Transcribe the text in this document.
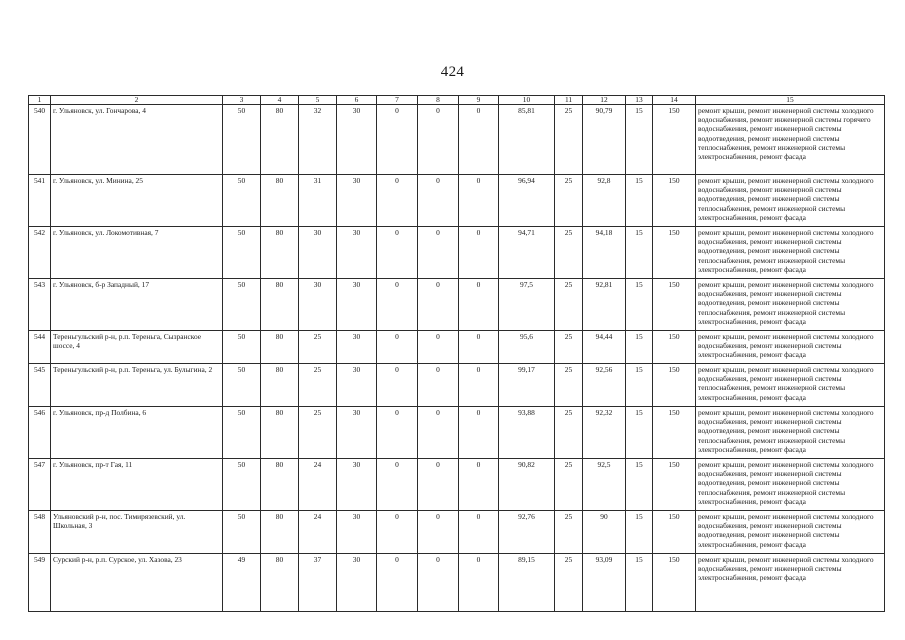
424
1	2	3	4	5	6	7	8	9	10	11	12	13	14	15
540	г. Ульяновск, ул. Гончарова, 4	50	80	32	30	0	0	0	85,81	25	90,79	15	150	ремонт крыши, ремонт инженерной системы холодного водоснабжения, ремонт инженерной системы горячего водоснабжения, ремонт инженерной системы водоотведения, ремонт инженерной системы теплоснабжения, ремонт инженерной системы электроснабжения, ремонт фасада
541	г. Ульяновск, ул. Минина, 25	50	80	31	30	0	0	0	96,94	25	92,8	15	150	ремонт крыши, ремонт инженерной системы холодного водоснабжения, ремонт инженерной системы водоотведения, ремонт инженерной системы теплоснабжения, ремонт инженерной системы электроснабжения, ремонт фасада
542	г. Ульяновск, ул. Локомотивная, 7	50	80	30	30	0	0	0	94,71	25	94,18	15	150	ремонт крыши, ремонт инженерной системы холодного водоснабжения, ремонт инженерной системы водоотведения, ремонт инженерной системы теплоснабжения, ремонт инженерной системы электроснабжения, ремонт фасада
543	г. Ульяновск, б-р Западный, 17	50	80	30	30	0	0	0	97,5	25	92,81	15	150	ремонт крыши, ремонт инженерной системы холодного водоснабжения, ремонт инженерной системы водоотведения, ремонт инженерной системы теплоснабжения, ремонт инженерной системы электроснабжения, ремонт фасада
544	Тереньгульский р-н, р.п. Тереньга, Сызранское шоссе, 4	50	80	25	30	0	0	0	95,6	25	94,44	15	150	ремонт крыши, ремонт инженерной системы холодного водоснабжения, ремонт инженерной системы электроснабжения, ремонт фасада
545	Тереньгульский р-н, р.п. Тереньга, ул. Булыгина, 2	50	80	25	30	0	0	0	99,17	25	92,56	15	150	ремонт крыши, ремонт инженерной системы холодного водоснабжения, ремонт инженерной системы теплоснабжения, ремонт инженерной системы электроснабжения, ремонт фасада
546	г. Ульяновск, пр-д Полбина, 6	50	80	25	30	0	0	0	93,88	25	92,32	15	150	ремонт крыши, ремонт инженерной системы холодного водоснабжения, ремонт инженерной системы водоотведения, ремонт инженерной системы теплоснабжения, ремонт инженерной системы электроснабжения, ремонт фасада
547	г. Ульяновск, пр-т Гая, 11	50	80	24	30	0	0	0	90,82	25	92,5	15	150	ремонт крыши, ремонт инженерной системы холодного водоснабжения, ремонт инженерной системы водоотведения, ремонт инженерной системы теплоснабжения, ремонт инженерной системы электроснабжения, ремонт фасада
548	Ульяновский р-н, пос. Тимирязевский, ул. Школьная, 3	50	80	24	30	0	0	0	92,76	25	90	15	150	ремонт крыши, ремонт инженерной системы холодного водоснабжения, ремонт инженерной системы водоотведения, ремонт инженерной системы электроснабжения, ремонт фасада
549	Сурский р-н, р.п. Сурское, ул. Хазова, 23	49	80	37	30	0	0	0	89,15	25	93,09	15	150	ремонт крыши, ремонт инженерной системы холодного водоснабжения, ремонт инженерной системы электроснабжения, ремонт фасада
